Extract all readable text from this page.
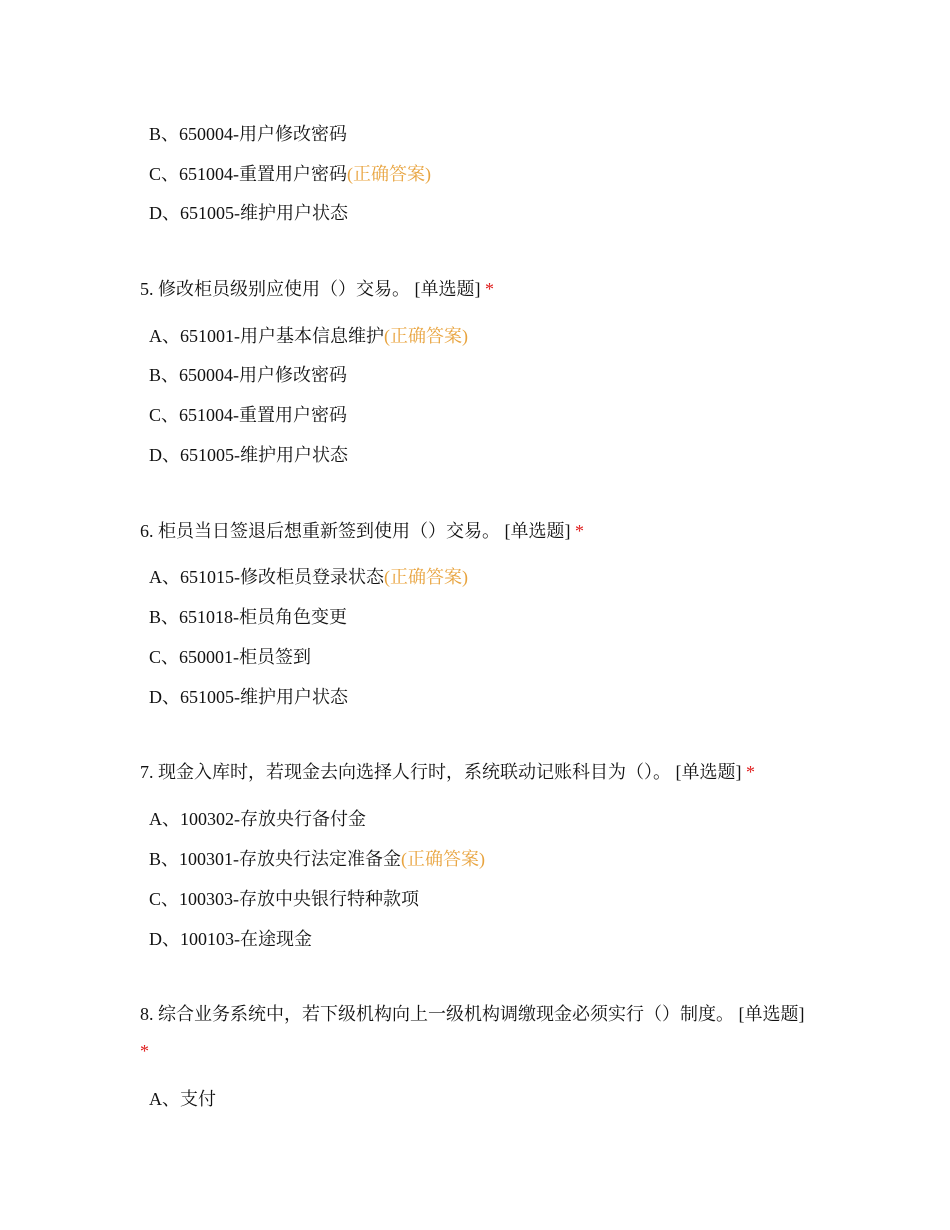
B、650004-用户修改密码
C、651004-重置用户密码(正确答案)
D、651005-维护用户状态
5. 修改柜员级别应使用（）交易。 [单选题] *
A、651001-用户基本信息维护(正确答案)
B、650004-用户修改密码
C、651004-重置用户密码
D、651005-维护用户状态
6. 柜员当日签退后想重新签到使用（）交易。 [单选题] *
A、651015-修改柜员登录状态(正确答案)
B、651018-柜员角色变更
C、650001-柜员签到
D、651005-维护用户状态
7. 现金入库时，若现金去向选择人行时，系统联动记账科目为（）。 [单选题] *
A、100302-存放央行备付金
B、100301-存放央行法定准备金(正确答案)
C、100303-存放中央银行特种款项
D、100103-在途现金
8. 综合业务系统中，若下级机构向上一级机构调缴现金必须实行（）制度。 [单选题] *
A、支付
